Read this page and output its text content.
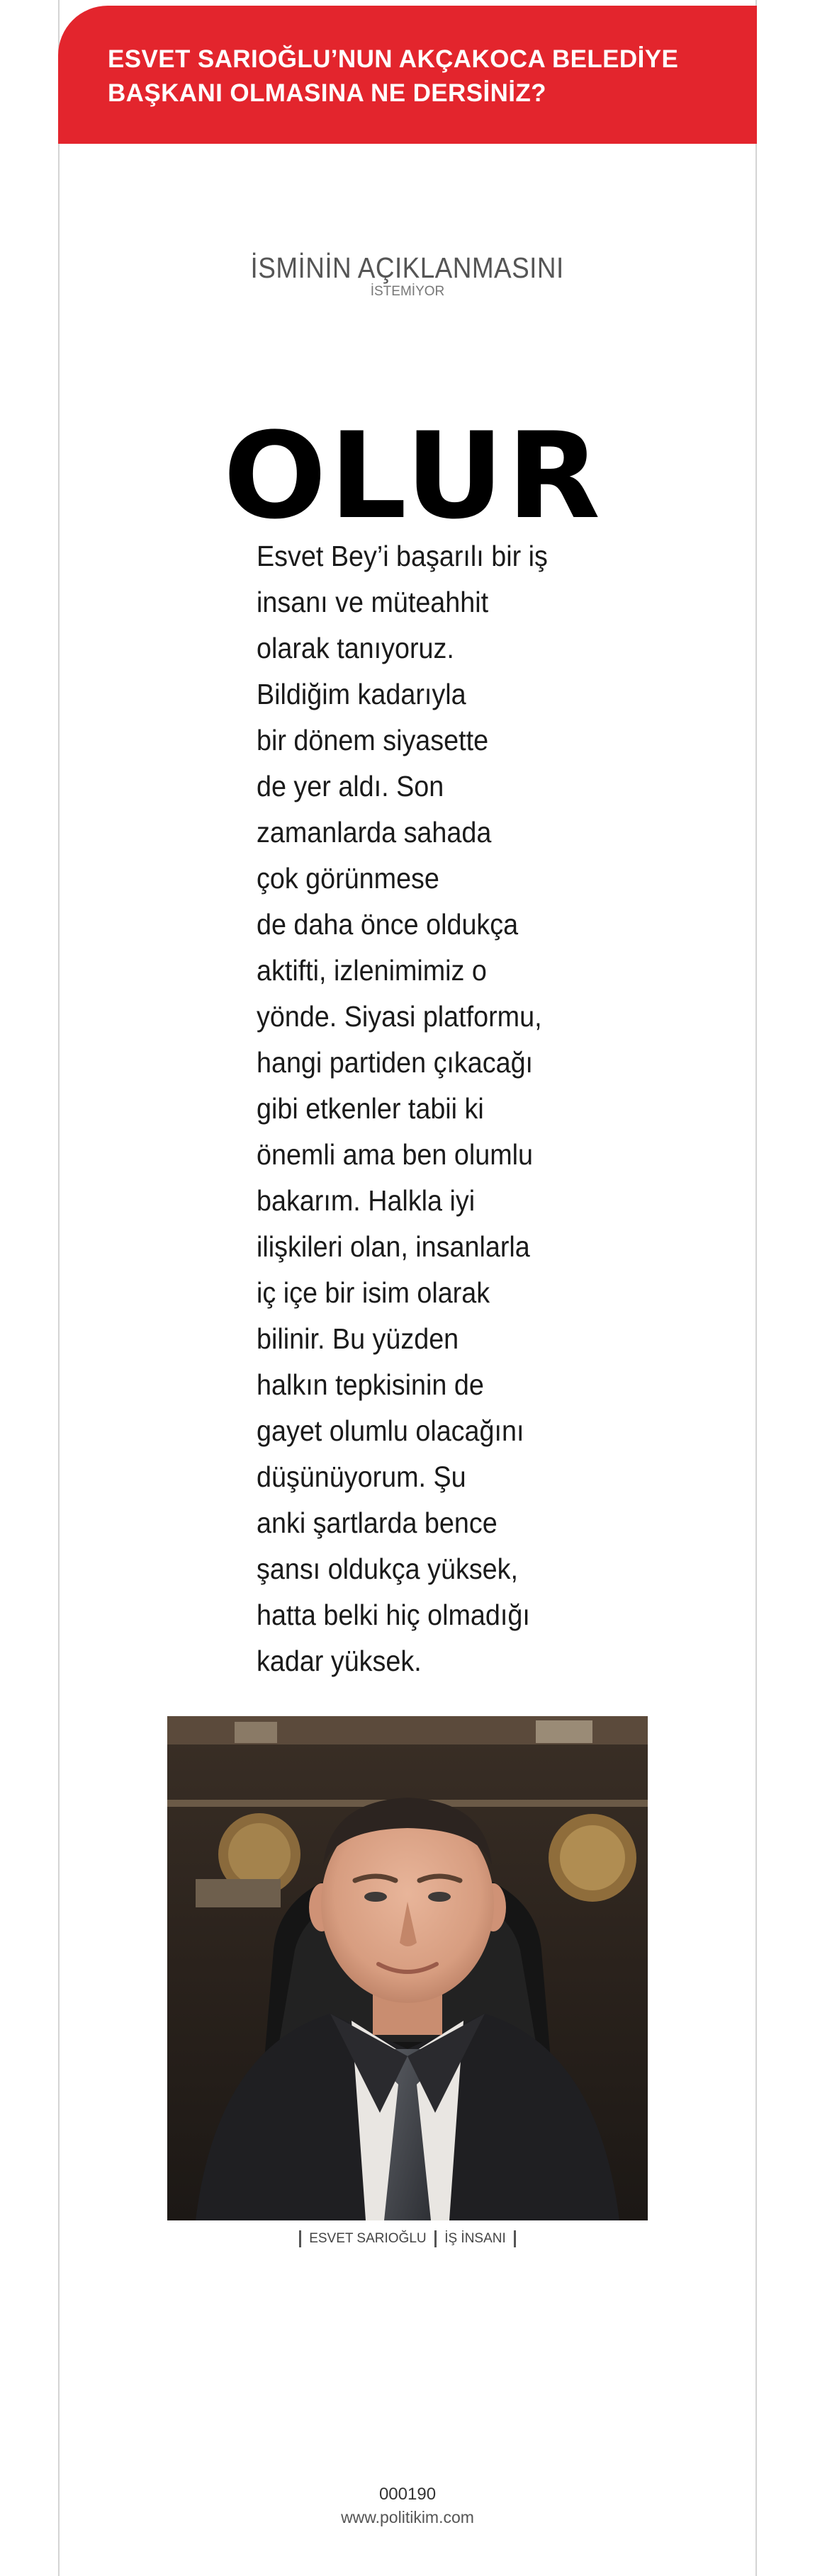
ESVET SARIOĞLU’NUN AKÇAKOCA BELEDİYE
BAŞKANI OLMASINA NE DERSİNİZ?
İSMİNİN AÇIKLANMASINI
İSTEMİYOR
OLUR
Esvet Bey’i başarılı bir iş
insanı ve müteahhit
olarak tanıyoruz.
Bildiğim kadarıyla
bir dönem siyasette
de yer aldı. Son
zamanlarda sahada
çok görünmese
de daha önce oldukça
aktifti, izlenimimiz o
yönde. Siyasi platformu,
hangi partiden çıkacağı
gibi etkenler tabii ki
önemli ama ben olumlu
bakarım. Halkla iyi
ilişkileri olan, insanlarla
iç içe bir isim olarak
bilinir. Bu yüzden
halkın tepkisinin de
gayet olumlu olacağını
düşünüyorum. Şu
anki şartlarda bence
şansı oldukça yüksek,
hatta belki hiç olmadığı
kadar yüksek.
ESVET SARIOĞLU İŞ İNSANI
000190
www.politikim.com
